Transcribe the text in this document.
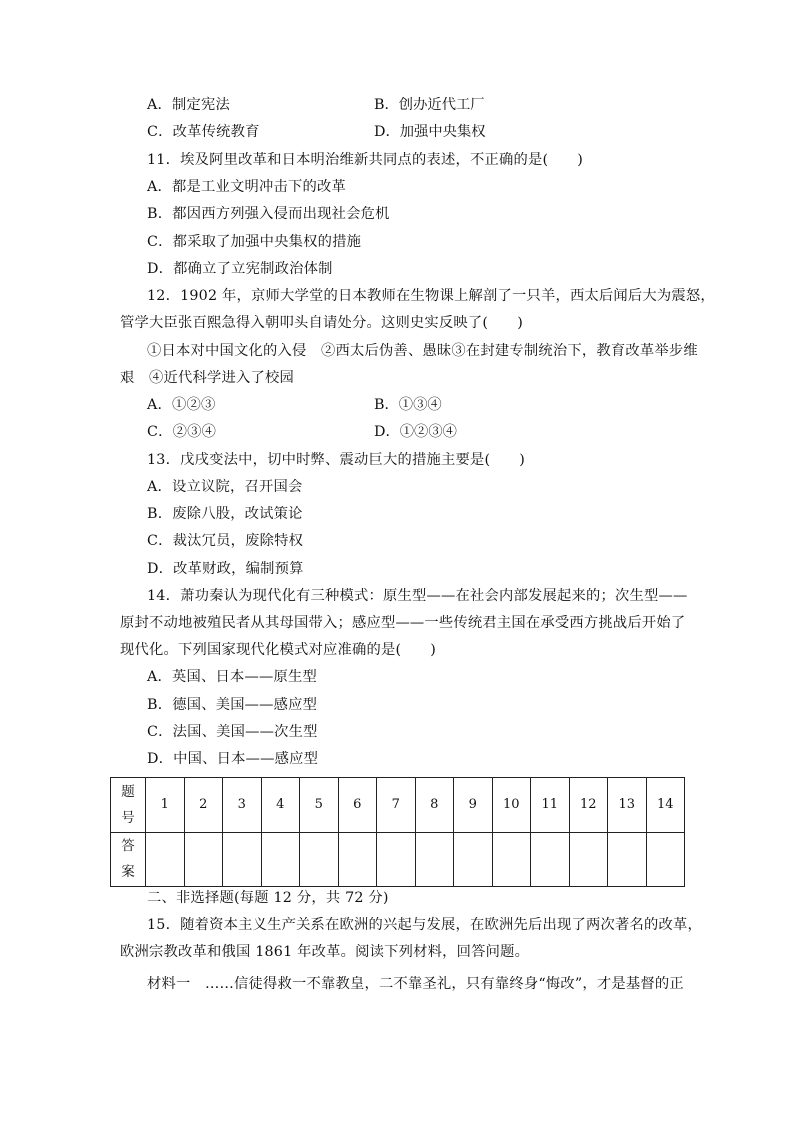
A．制定宪法	B．创办近代工厂
C．改革传统教育	D．加强中央集权
11．埃及阿里改革和日本明治维新共同点的表述，不正确的是(　　)
A．都是工业文明冲击下的改革
B．都因西方列强入侵而出现社会危机
C．都采取了加强中央集权的措施
D．都确立了立宪制政治体制
12．1902 年，京师大学堂的日本教师在生物课上解剖了一只羊，西太后闻后大为震怒，
管学大臣张百熙急得入朝叩头自请处分。这则史实反映了(　　)
①日本对中国文化的入侵　②西太后伪善、愚昧③在封建专制统治下，教育改革举步维
艰　④近代科学进入了校园
A．①②③	B．①③④
C．②③④	D．①②③④
13．戊戌变法中，切中时弊、震动巨大的措施主要是(　　)
A．设立议院，召开国会
B．废除八股，改试策论
C．裁汰冗员，废除特权
D．改革财政，编制预算
14．萧功秦认为现代化有三种模式：原生型——在社会内部发展起来的；次生型——
原封不动地被殖民者从其母国带入；感应型——一些传统君主国在承受西方挑战后开始了
现代化。下列国家现代化模式对应准确的是(　　)
A．英国、日本——原生型
B．德国、美国——感应型
C．法国、美国——次生型
D．中国、日本——感应型
题
号	1	2	3	4	5	6	7	8	9	10	11	12	13	14

答
案														

二、非选择题(每题 12 分，共 72 分)
15．随着资本主义生产关系在欧洲的兴起与发展，在欧洲先后出现了两次著名的改革，
欧洲宗教改革和俄国 1861 年改革。阅读下列材料，回答问题。
材料一　……信徒得救一不靠教皇，二不靠圣礼，只有靠终身“悔改”，才是基督的正
